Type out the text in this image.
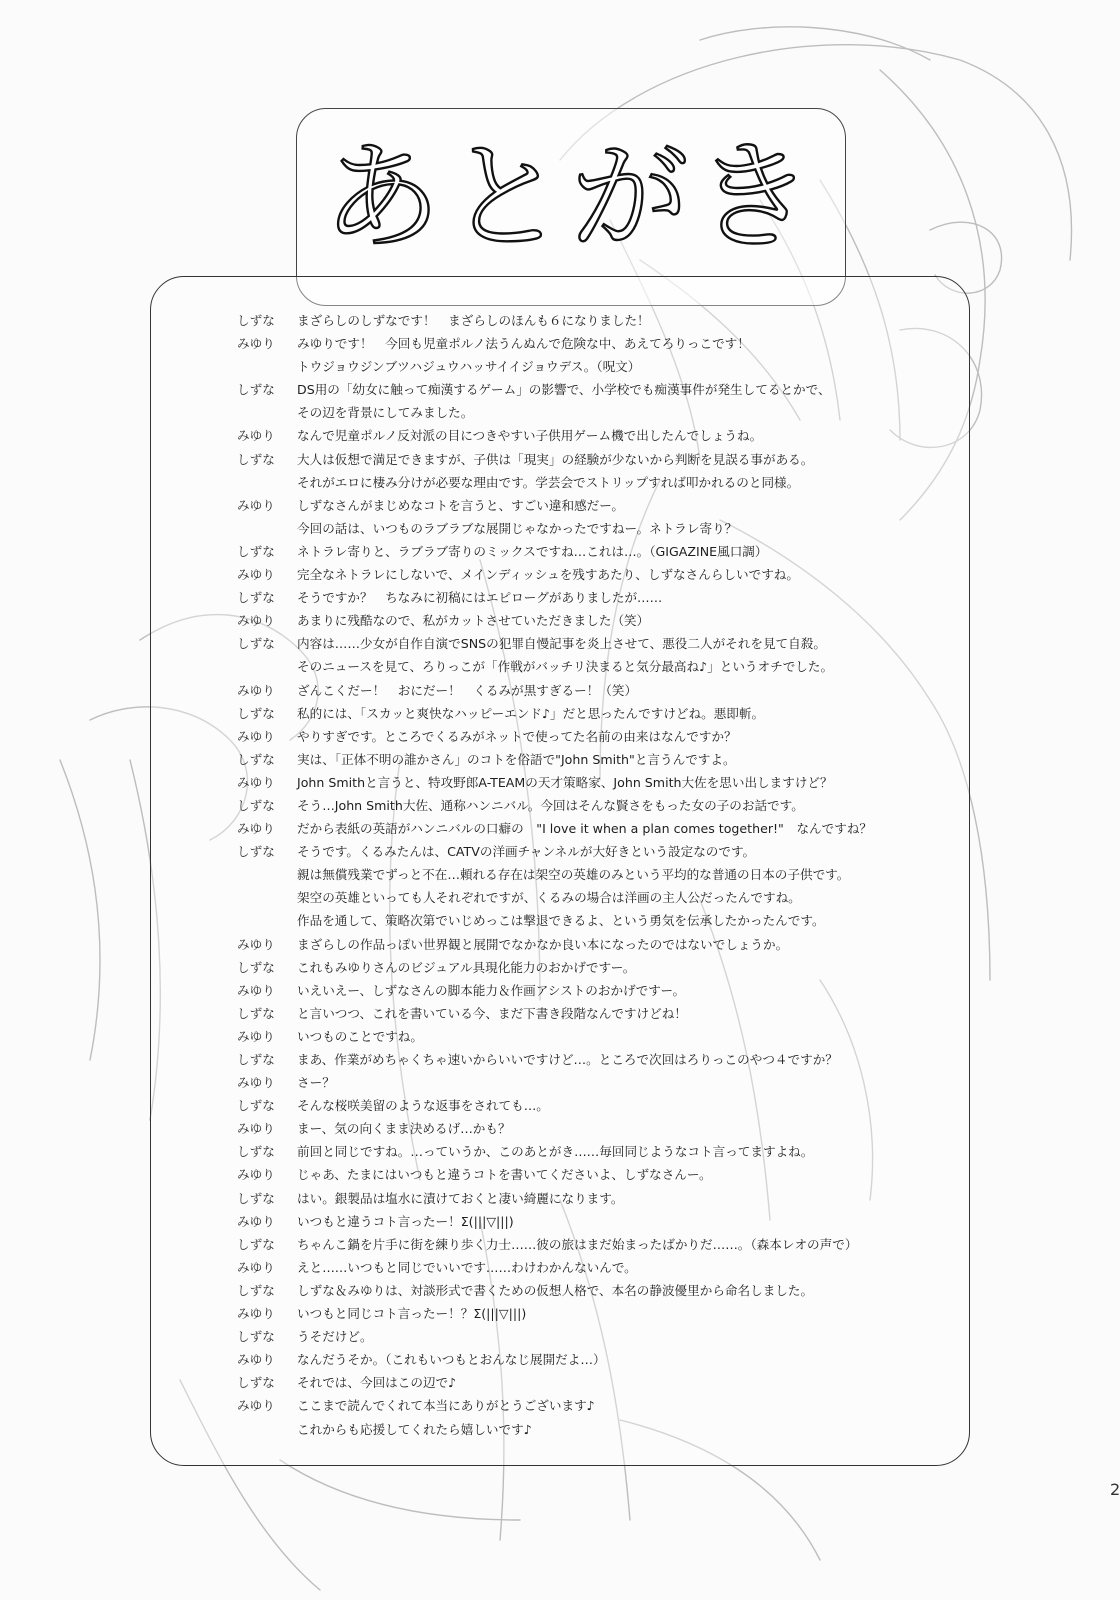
あとがき
しずな	まざらしのしずなです！　まざらしのほんも６になりました！
みゆり	みゆりです！　今回も児童ポルノ法うんぬんで危険な中、あえてろりっこです！
トウジョウジンブツハジュウハッサイイジョウデス。（呪文）
しずな	DS用の「幼女に触って痴漢するゲーム」の影響で、小学校でも痴漢事件が発生してるとかで、
その辺を背景にしてみました。
みゆり	なんで児童ポルノ反対派の目につきやすい子供用ゲーム機で出したんでしょうね。
しずな	大人は仮想で満足できますが、子供は「現実」の経験が少ないから判断を見誤る事がある。
それがエロに棲み分けが必要な理由です。学芸会でストリップすれば叩かれるのと同様。
みゆり	しずなさんがまじめなコトを言うと、すごい違和感だー。
今回の話は、いつものラブラブな展開じゃなかったですねー。ネトラレ寄り？
しずな	ネトラレ寄りと、ラブラブ寄りのミックスですね…これは…。（GIGAZINE風口調）
みゆり	完全なネトラレにしないで、メインディッシュを残すあたり、しずなさんらしいですね。
しずな	そうですか？　ちなみに初稿にはエピローグがありましたが……
みゆり	あまりに残酷なので、私がカットさせていただきました（笑）
しずな	内容は……少女が自作自演でSNSの犯罪自慢記事を炎上させて、悪役二人がそれを見て自殺。
そのニュースを見て、ろりっこが「作戦がバッチリ決まると気分最高ね♪」というオチでした。
みゆり	ざんこくだー！　おにだー！　くるみが黒すぎるー！（笑）
しずな	私的には、「スカッと爽快なハッピーエンド♪」だと思ったんですけどね。悪即斬。
みゆり	やりすぎです。ところでくるみがネットで使ってた名前の由来はなんですか？
しずな	実は、「正体不明の誰かさん」のコトを俗語で"John Smith"と言うんですよ。
みゆり	John Smithと言うと、特攻野郎A-TEAMの天才策略家、John Smith大佐を思い出しますけど？
しずな	そう…John Smith大佐、通称ハンニバル。今回はそんな賢さをもった女の子のお話です。
みゆり	だから表紙の英語がハンニバルの口癖の　"I love it when a plan comes together!"　なんですね？
しずな	そうです。くるみたんは、CATVの洋画チャンネルが大好きという設定なのです。
親は無償残業でずっと不在…頼れる存在は架空の英雄のみという平均的な普通の日本の子供です。
架空の英雄といっても人それぞれですが、くるみの場合は洋画の主人公だったんですね。
作品を通して、策略次第でいじめっこは撃退できるよ、という勇気を伝承したかったんです。
みゆり	まざらしの作品っぽい世界観と展開でなかなか良い本になったのではないでしょうか。
しずな	これもみゆりさんのビジュアル具現化能力のおかげですー。
みゆり	いえいえー、しずなさんの脚本能力＆作画アシストのおかげですー。
しずな	と言いつつ、これを書いている今、まだ下書き段階なんですけどね！
みゆり	いつものことですね。
しずな	まあ、作業がめちゃくちゃ速いからいいですけど…。ところで次回はろりっこのやつ４ですか？
みゆり	さー？
しずな	そんな桜咲美留のような返事をされても…。
みゆり	まー、気の向くまま決めるげ…かも？
しずな	前回と同じですね。…っていうか、このあとがき……毎回同じようなコト言ってますよね。
みゆり	じゃあ、たまにはいつもと違うコトを書いてくださいよ、しずなさんー。
しずな	はい。銀製品は塩水に漬けておくと凄い綺麗になります。
みゆり	いつもと違うコト言ったー！Σ(|||▽|||)
しずな	ちゃんこ鍋を片手に街を練り歩く力士……彼の旅はまだ始まったばかりだ……。（森本レオの声で）
みゆり	えと……いつもと同じでいいです……わけわかんないんで。
しずな	しずな＆みゆりは、対談形式で書くための仮想人格で、本名の静波優里から命名しました。
みゆり	いつもと同じコト言ったー！？Σ(|||▽|||)
しずな	うそだけど。
みゆり	なんだうそか。（これもいつもとおんなじ展開だよ…）
しずな	それでは、今回はこの辺で♪
みゆり	ここまで読んでくれて本当にありがとうございます♪
これからも応援してくれたら嬉しいです♪
2
